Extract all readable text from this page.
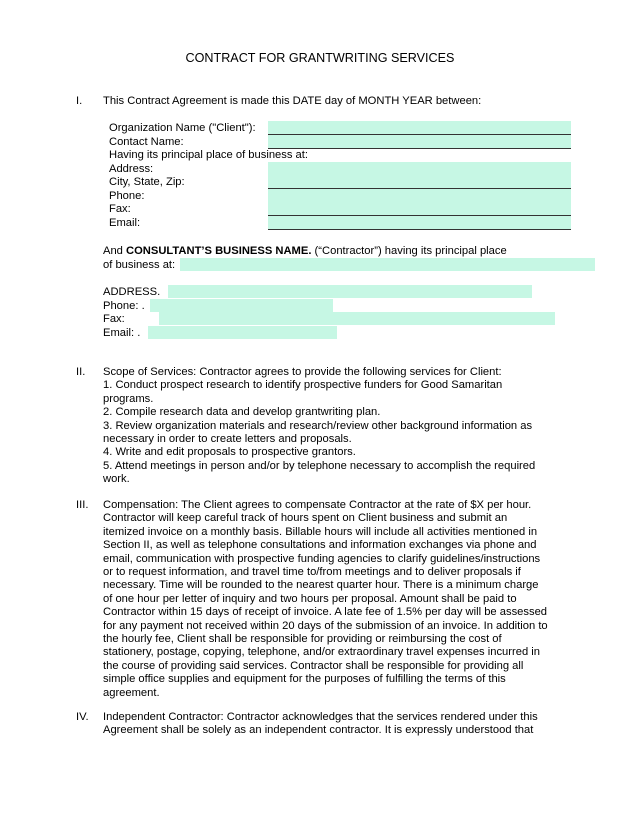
CONTRACT FOR GRANTWRITING SERVICES
I. This Contract Agreement is made this DATE day of MONTH YEAR between:
Organization Name ("Client"):
Contact Name:
Having its principal place of business at:
Address:
City, State, Zip:
Phone:
Fax:
Email:
And CONSULTANT’S BUSINESS NAME. (“Contractor”) having its principal place
of business at:
ADDRESS.
Phone: .
Fax:
Email: .
II. Scope of Services: Contractor agrees to provide the following services for Client:
1. Conduct prospect research to identify prospective funders for Good Samaritan
programs.
2. Compile research data and develop grantwriting plan.
3. Review organization materials and research/review other background information as
necessary in order to create letters and proposals.
4. Write and edit proposals to prospective grantors.
5. Attend meetings in person and/or by telephone necessary to accomplish the required
work.
III. Compensation: The Client agrees to compensate Contractor at the rate of $X per hour.
Contractor will keep careful track of hours spent on Client business and submit an
itemized invoice on a monthly basis. Billable hours will include all activities mentioned in
Section II, as well as telephone consultations and information exchanges via phone and
email, communication with prospective funding agencies to clarify guidelines/instructions
or to request information, and travel time to/from meetings and to deliver proposals if
necessary. Time will be rounded to the nearest quarter hour. There is a minimum charge
of one hour per letter of inquiry and two hours per proposal. Amount shall be paid to
Contractor within 15 days of receipt of invoice. A late fee of 1.5% per day will be assessed
for any payment not received within 20 days of the submission of an invoice. In addition to
the hourly fee, Client shall be responsible for providing or reimbursing the cost of
stationery, postage, copying, telephone, and/or extraordinary travel expenses incurred in
the course of providing said services. Contractor shall be responsible for providing all
simple office supplies and equipment for the purposes of fulfilling the terms of this
agreement.
IV. Independent Contractor: Contractor acknowledges that the services rendered under this
Agreement shall be solely as an independent contractor. It is expressly understood that
